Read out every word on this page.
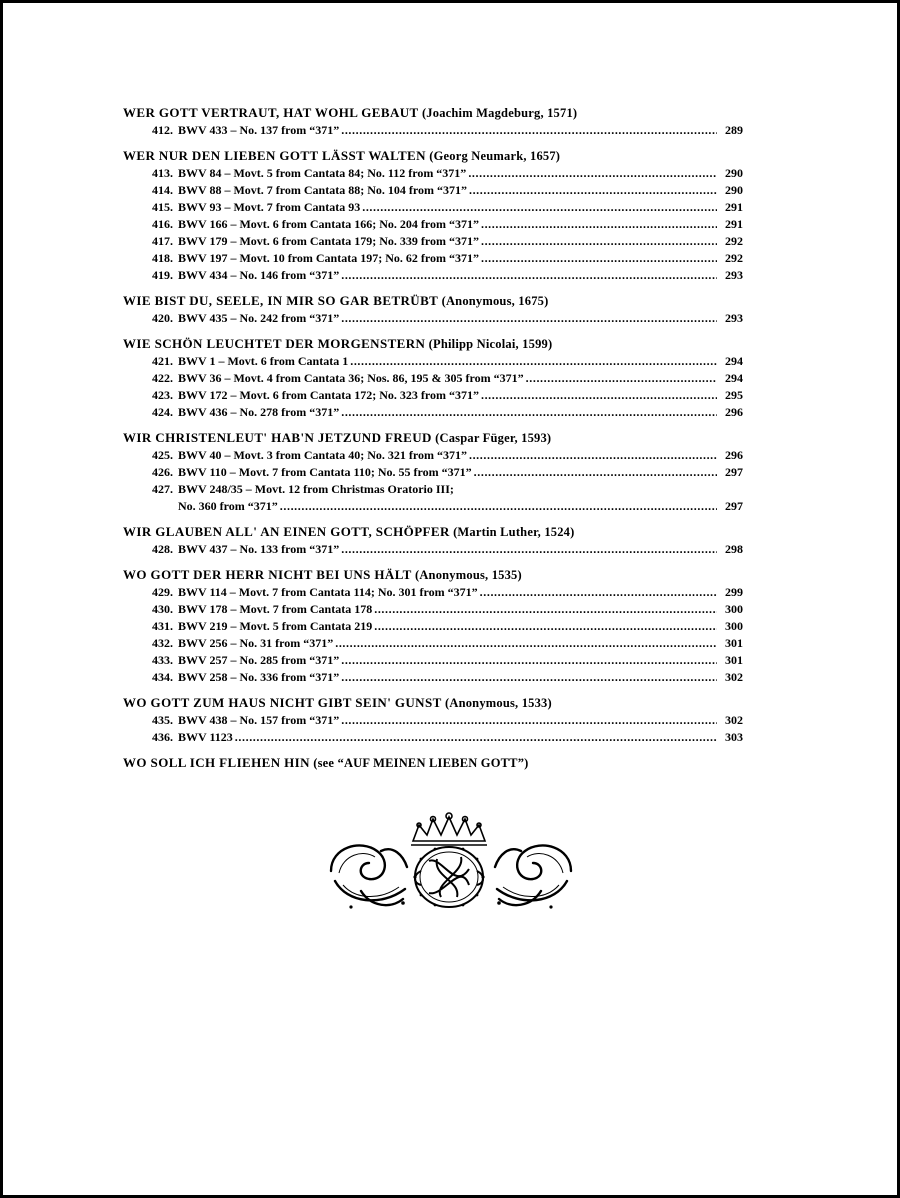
WER GOTT VERTRAUT, HAT WOHL GEBAUT (Joachim Magdeburg, 1571)
412. BWV 433 – No. 137 from “371” . . .	289
WER NUR DEN LIEBEN GOTT LÄSST WALTEN (Georg Neumark, 1657)
413. BWV 84 – Movt. 5 from Cantata 84; No. 112 from “371” . . .	290
414. BWV 88 – Movt. 7 from Cantata 88; No. 104 from “371” . . .	290
415. BWV 93 – Movt. 7 from Cantata 93 . . .	291
416. BWV 166 – Movt. 6 from Cantata 166; No. 204 from “371” . . .	291
417. BWV 179 – Movt. 6 from Cantata 179; No. 339 from “371” . . .	292
418. BWV 197 – Movt. 10 from Cantata 197; No. 62 from “371” . . .	292
419. BWV 434 – No. 146 from “371” . . .	293
WIE BIST DU, SEELE, IN MIR SO GAR BETRÜBT (Anonymous, 1675)
420. BWV 435 – No. 242 from “371” . . .	293
WIE SCHÖN LEUCHTET DER MORGENSTERN (Philipp Nicolai, 1599)
421. BWV 1 – Movt. 6 from Cantata 1 . . .	294
422. BWV 36 – Movt. 4 from Cantata 36; Nos. 86, 195 & 305 from “371” . . .	294
423. BWV 172 – Movt. 6 from Cantata 172; No. 323 from “371” . . .	295
424. BWV 436 – No. 278 from “371” . . .	296
WIR CHRISTENLEUT' HAB'N JETZUND FREUD (Caspar Füger, 1593)
425. BWV 40 – Movt. 3 from Cantata 40; No. 321 from “371” . . .	296
426. BWV 110 – Movt. 7 from Cantata 110; No. 55 from “371” . . .	297
427. BWV 248/35 – Movt. 12 from Christmas Oratorio III;
No. 360 from “371” . . .	297
WIR GLAUBEN ALL' AN EINEN GOTT, SCHÖPFER (Martin Luther, 1524)
428. BWV 437 – No. 133 from “371” . . .	298
WO GOTT DER HERR NICHT BEI UNS HÄLT (Anonymous, 1535)
429. BWV 114 – Movt. 7 from Cantata 114; No. 301 from “371” . . .	299
430. BWV 178 – Movt. 7 from Cantata 178 . . .	300
431. BWV 219 – Movt. 5 from Cantata 219 . . .	300
432. BWV 256 – No. 31 from “371” . . .	301
433. BWV 257 – No. 285 from “371” . . .	301
434. BWV 258 – No. 336 from “371” . . .	302
WO GOTT ZUM HAUS NICHT GIBT SEIN' GUNST (Anonymous, 1533)
435. BWV 438 – No. 157 from “371” . . .	302
436. BWV 1123 . . .	303
WO SOLL ICH FLIEHEN HIN (see “AUF MEINEN LIEBEN GOTT”)
